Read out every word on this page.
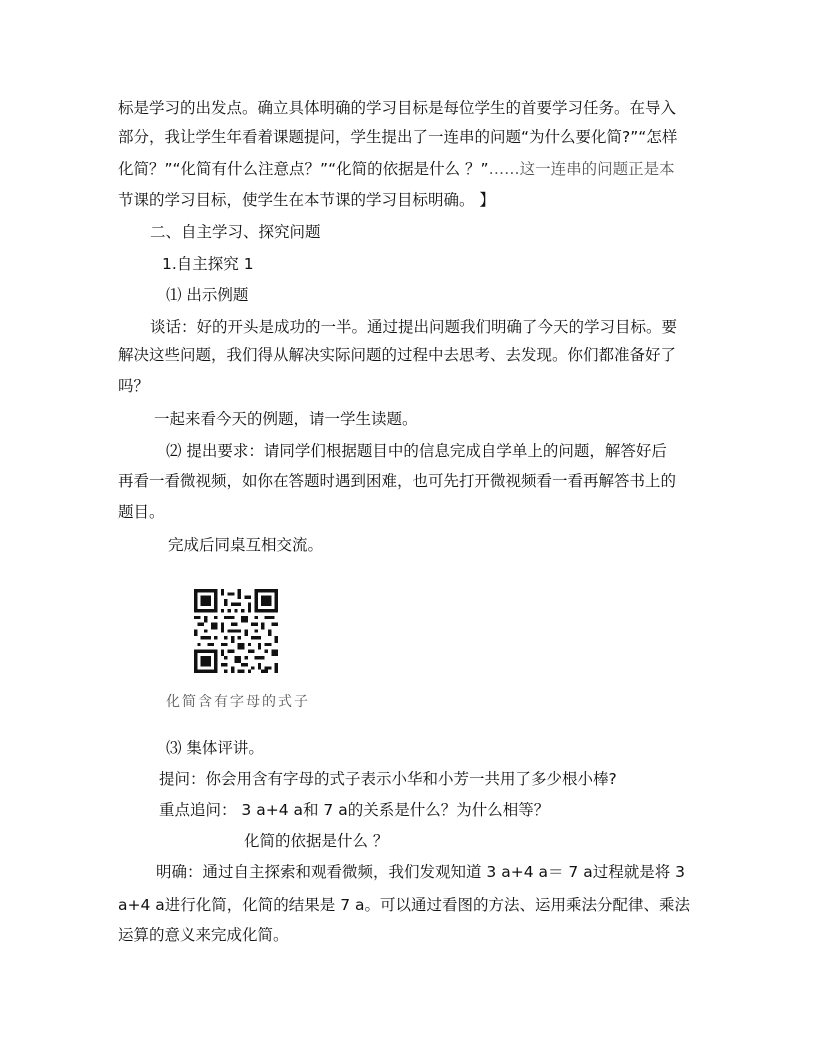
标是学习的出发点。确立具体明确的学习目标是每位学生的首要学习任务。在导入
部分，我让学生年看着课题提问，学生提出了一连串的问题“为什么要化简?”“怎样
化简？”“化简有什么注意点？”“化简的依据是什么 ？”……这一连串的问题正是本
节课的学习目标，使学生在本节课的学习目标明确。 】
二、自主学习、探究问题
1.自主探究 1
⑴ 出示例题
谈话：好的开头是成功的一半。通过提出问题我们明确了今天的学习目标。要
解决这些问题，我们得从解决实际问题的过程中去思考、去发现。你们都准备好了
吗？
一起来看今天的例题，请一学生读题。
⑵ 提出要求：请同学们根据题目中的信息完成自学单上的问题，解答好后
再看一看微视频，如你在答题时遇到困难，也可先打开微视频看一看再解答书上的
题目。
完成后同桌互相交流。
化简含有字母的式子
⑶ 集体评讲。
提问：你会用含有字母的式子表示小华和小芳一共用了多少根小棒?
重点追问： 3 a+4 a和 7 a的关系是什么？为什么相等？
化简的依据是什么 ？
明确：通过自主探索和观看微频，我们发观知道 3 a+4 a＝ 7 a过程就是将 3
a+4 a进行化简，化简的结果是 7 a。可以通过看图的方法、运用乘法分配律、乘法
运算的意义来完成化简。
